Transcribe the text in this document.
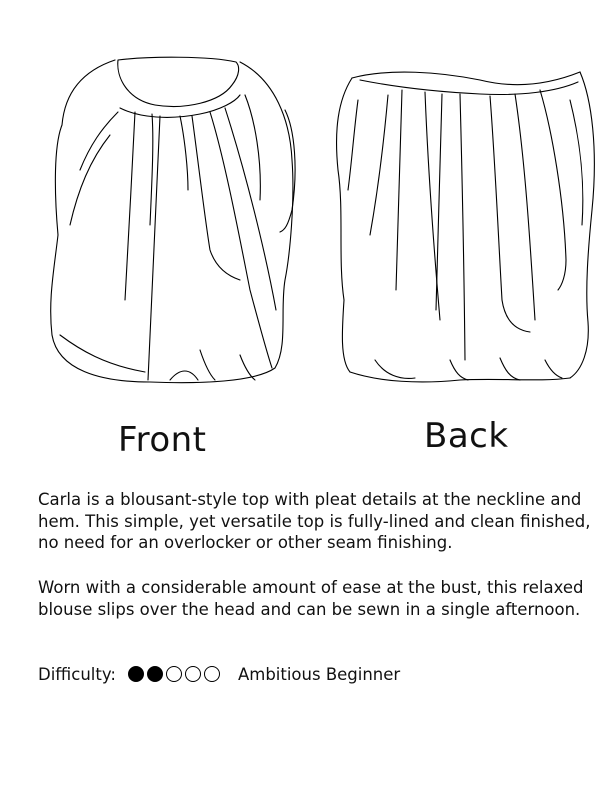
Front	Back
Carla is a blousant-style top with pleat details at the neckline and hem. This simple, yet versatile top is fully-lined and clean finished, no need for an overlocker or other seam finishing.
Worn with a considerable amount of ease at the bust, this relaxed blouse slips over the head and can be sewn in a single afternoon.
Difficulty:	Ambitious Beginner
